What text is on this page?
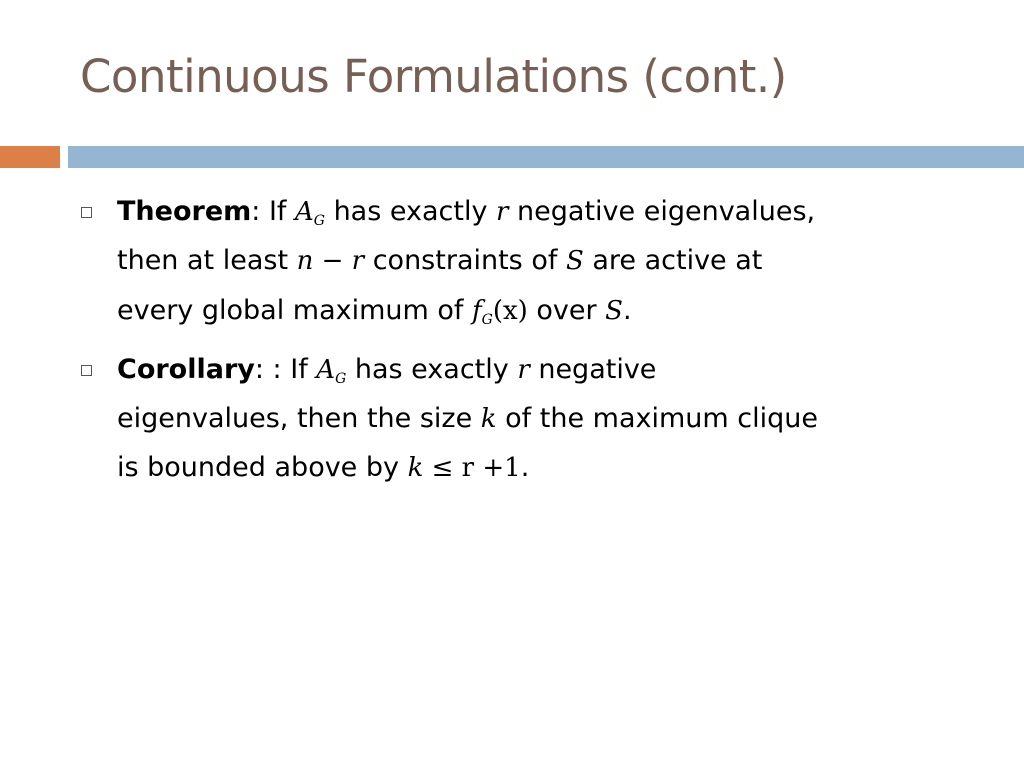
Continuous Formulations (cont.)
Theorem: If $A_G$ has exactly r negative eigenvalues,
then at least n − r constraints of S are active at
every global maximum of $f_G(x)$ over S.
Corollary: : If $A_G$ has exactly r negative
eigenvalues, then the size k of the maximum clique
is bounded above by k ≤ r +1.
